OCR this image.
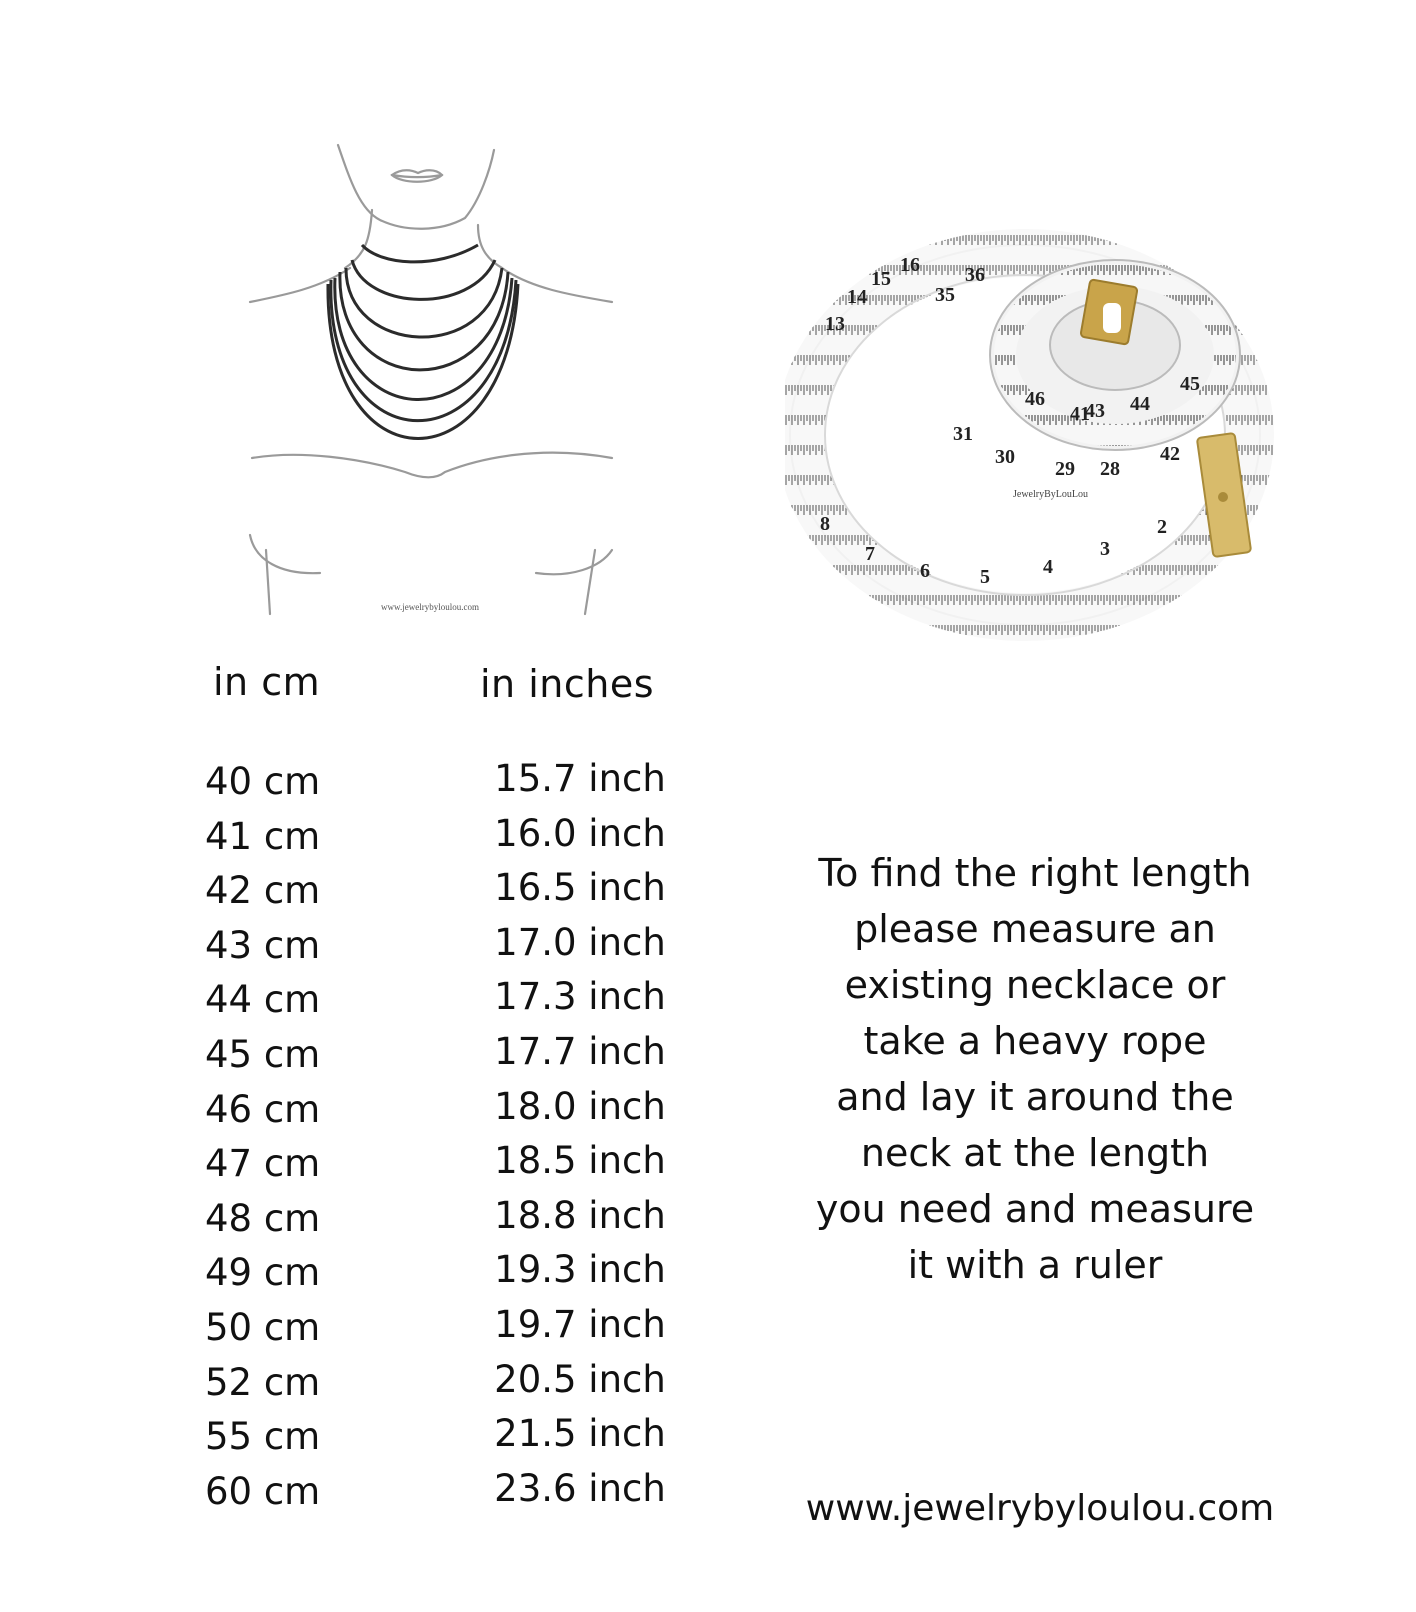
www.jewelrybyloulou.com
2
3
4
5
6
7
8
13
14
15
16
35
36
45
46	44
43
42
41
29 28
30
31
JewelryByLouLou
in cm	in inches
40 cm	15.7 inch
41 cm	16.0 inch
42 cm	16.5 inch
43 cm	17.0 inch
44 cm	17.3 inch
45 cm	17.7 inch
46 cm	18.0 inch
47 cm	18.5 inch
48 cm	18.8 inch
49 cm	19.3 inch
50 cm	19.7 inch
52 cm	20.5 inch
55 cm	21.5 inch
60 cm	23.6 inch
To find the right length
please measure an
existing necklace or
take a heavy rope
and lay it around the
neck at the length
you need and measure
it with a ruler
www.jewelrybyloulou.com
